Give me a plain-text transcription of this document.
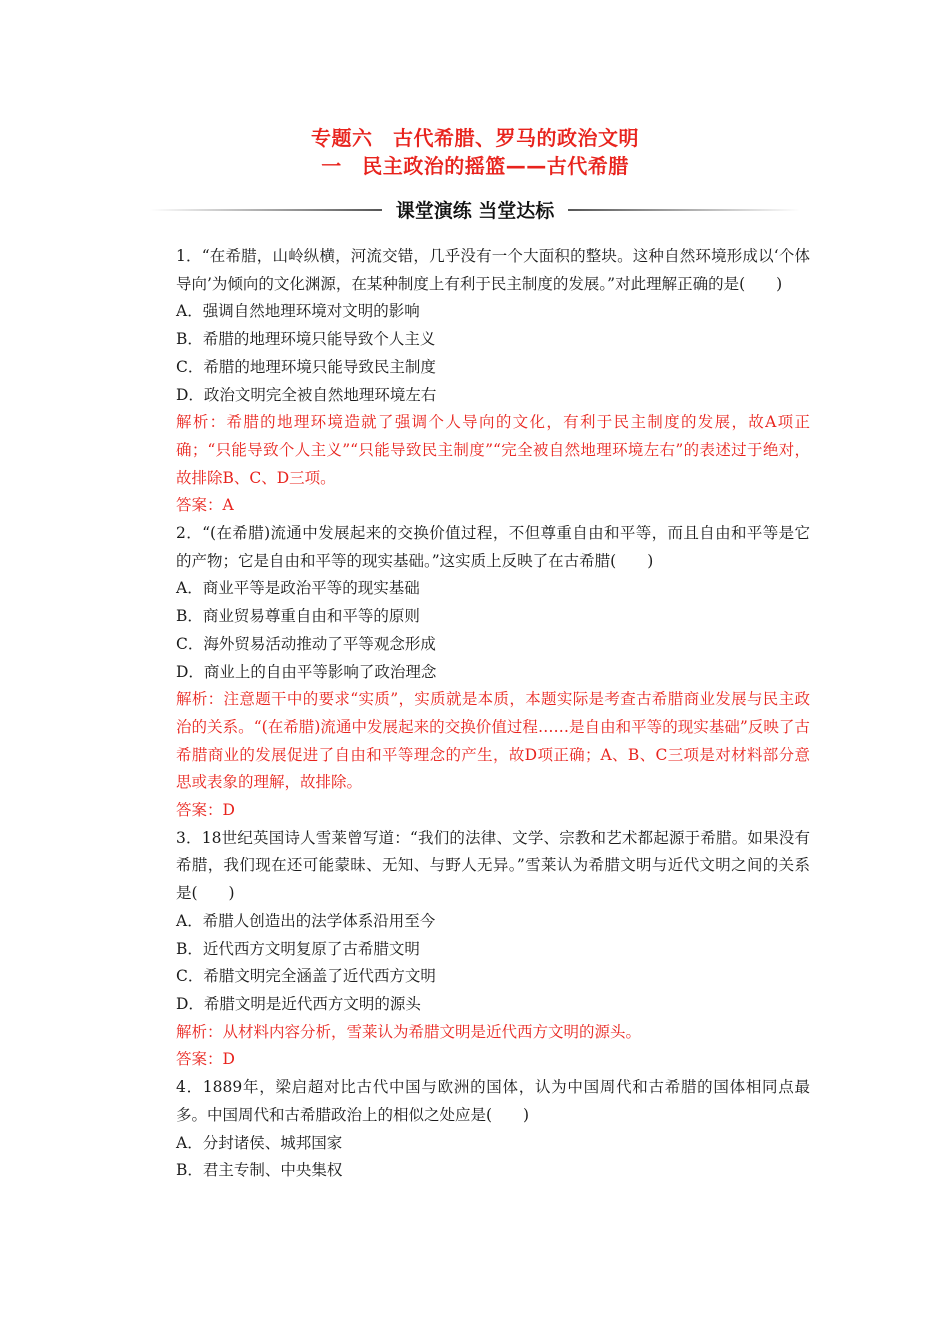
专题六　古代希腊、罗马的政治文明
一　民主政治的摇篮——古代希腊
课堂演练 当堂达标

1．“在希腊，山岭纵横，河流交错，几乎没有一个大面积的整块。这种自然环境形成以‘个体导向’为倾向的文化渊源，在某种制度上有利于民主制度的发展。”对此理解正确的是(　　)

A．强调自然地理环境对文明的影响

B．希腊的地理环境只能导致个人主义

C．希腊的地理环境只能导致民主制度

D．政治文明完全被自然地理环境左右

解析：希腊的地理环境造就了强调个人导向的文化，有利于民主制度的发展，故A项正确；“只能导致个人主义”“只能导致民主制度”“完全被自然地理环境左右”的表述过于绝对，故排除B、C、D三项。

答案：A

2．“(在希腊)流通中发展起来的交换价值过程，不但尊重自由和平等，而且自由和平等是它的产物；它是自由和平等的现实基础。”这实质上反映了在古希腊(　　)

A．商业平等是政治平等的现实基础

B．商业贸易尊重自由和平等的原则

C．海外贸易活动推动了平等观念形成

D．商业上的自由平等影响了政治理念

解析：注意题干中的要求“实质”，实质就是本质，本题实际是考查古希腊商业发展与民主政治的关系。“(在希腊)流通中发展起来的交换价值过程……是自由和平等的现实基础”反映了古希腊商业的发展促进了自由和平等理念的产生，故D项正确；A、B、C三项是对材料部分意思或表象的理解，故排除。

答案：D

3．18世纪英国诗人雪莱曾写道：“我们的法律、文学、宗教和艺术都起源于希腊。如果没有希腊，我们现在还可能蒙昧、无知、与野人无异。”雪莱认为希腊文明与近代文明之间的关系是(　　)

A．希腊人创造出的法学体系沿用至今

B．近代西方文明复原了古希腊文明

C．希腊文明完全涵盖了近代西方文明

D．希腊文明是近代西方文明的源头

解析：从材料内容分析，雪莱认为希腊文明是近代西方文明的源头。

答案：D

4．1889年，梁启超对比古代中国与欧洲的国体，认为中国周代和古希腊的国体相同点最多。中国周代和古希腊政治上的相似之处应是(　　)

A．分封诸侯、城邦国家

B．君主专制、中央集权
